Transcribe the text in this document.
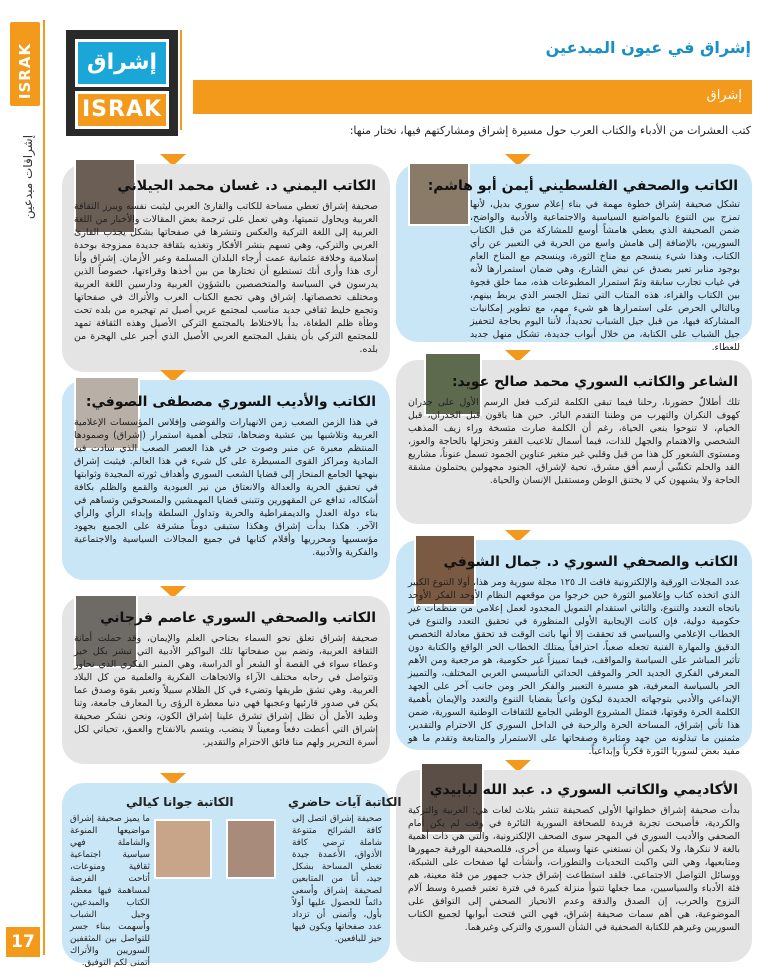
ISRAK
إشراقات مبدعين
17
إشراق
ISRAK
إشراق في عيون المبدعين
إشراق
كتب العشرات من الأدباء والكتاب العرب حول مسيرة إشراق ومشاركتهم فيها، نختار منها:
الكاتب والصحفي الفلسطيني أيمن أبو هاشم:
تشكل صحيفة إشراق خطوة مهمة في بناء إعلام سوري بديل، لأنها تمزج بين التنوع بالمواضيع السياسية والاجتماعية والأدبية والواضح، ضمن الصحيفة الذي يعطي هامشاً أوسع للمشاركة من قبل الكتاب السوريين، بالإضافة إلى هامش واسع من الحرية في التعبير عن رأي الكتاب، وهذا شيء ينسجم مع مناخ الثورة، وينسجم مع المناخ العام بوجود منابر تعبر بصدق عن نبض الشارع، وهي ضمان استمرارها لأنه في غياب تجارب سابقة وتمّ استمرار المطبوعات هذه، مما خلق فجوة بين الكتاب والقراء، هذه المتاب التي تمثل الجسر الذي يربط بينهم، وبالتالي الحرص على استمرارها هو شيء مهم، مع تطوير إمكانيات المشاركة فيها، من قبل جيل الشباب تحديداً، لأننا اليوم بحاجة لتحفيز جيل الشباب على الكتابة، من خلال أبواب جديدة، تشكل منهل جديد للعطاء.
الكاتب اليمني د. غسان محمد الجيلاني
صحيفة إشراق تعطي مساحة للكاتب والقارئ العربي ليثبت نفسه ويبرز الثقافة العربية ويحاول تنميتها، وهي تعمل على ترجمة بعض المقالات والأخبار من اللغة العربية إلى اللغة التركية والعكس وتنشرها في صفحاتها بشكل يجذب القارئ العربي والتركي، وهي تسهم بنشر الأفكار وتغذيه بثقافة جديدة ممزوجة بوحدة إسلامية وخلافة عثمانية عمت أرجاء البلدان المسلمة وعبر الأزمان. إشراق وأنا أرى هذا وأرى أنك تستطيع أن تختارها من بين أخذها وقراءتها، خصوصاً الذين يدرسون في السياسة والمتخصصين بالشؤون العربية ودارسين اللغة العربية ومختلف تخصصاتها. إشراق وهي تجمع الكتاب العرب والأتراك في صفحاتها وتجمع خليط ثقافي جديد مناسب لمجتمع عربي أصيل تم تهجيره من بلده تحت وطأة ظلم الطغاة، بدأ بالاختلاط بالمجتمع التركي الأصيل وهذه الثقافة تمهد للمجتمع التركي بأن يتقبل المجتمع العربي الأصيل الذي أجبر على الهجرة من بلده.
الشاعر والكاتب السوري محمد صالح عويد:
تلك أطلالٌ حضورنا، رحلنا فيما تبقى الكلمة لتركب فعل الرسم الأول على جدران كهوف النكران والتهرب من وطننا التقدم البائر. حين هنا ياقون قبل الجدران، قبل الخيام، لا تنوحوا بنعي الحياة، رغم أن الكلمة صارت متسخة وراء زيف المذهب الشخصي والاهتمام والجهل للذات، فيما أسمال تلاعيب الفقر وتحزلها بالحاجة والعوز، ومستوى الشعور كل هذا من قبل وقلبي غير متغير عناوين الجمود تسمل عنوناً، مشاريع القد والحلم تكشّي أرسم أفق مشرق. تحية لإشراق، الجنود مجهولين يحتملون مشقة الحاجة ولا يشبهون كي لا يختنق الوطن ومستقبل الإنسان والحياة.
الكاتب والأديب السوري مصطفى الصوفي:
في هذا الزمن الصعب زمن الانهيارات والفوضى وإفلاس المؤسسات الإعلامية العربية وتلاشيها بين عشية وضحاها، تتجلى أهمية استمرار (إشراق) وصمودها المنتظم معبرة عن منبر وصوت حر في هذا العصر الصعب الذي سادت فيه المادية ومراكز القوى المسيطرة على كل شيء في هذا العالم. فيثبت إشراق بنهجها الجامع المنحاز إلى قضايا الشعب السوري وأهداف ثورته المجيدة وثوابتها في تحقيق الحرية والعدالة والانعتاق من نير العبودية والقمع والظلم بكافة أشكاله، تدافع عن المقهورين وتتبنى قضايا المهمشين والمسحوقين وتساهم في بناء دولة العدل والديمقراطية والحرية وتداول السلطة وإبداء الرأي والرأي الآخر. هكذا بدأت إشراق وهكذا ستبقى دوماً مشرقة على الجميع بجهود مؤسسيها ومحرريها وأقلام كتابها في جميع المجالات السياسية والاجتماعية والفكرية والأدبية.
الكاتب والصحفي السوري د. جمال الشوفي
عدد المجلات الورقية والإلكترونية فاقت الـ ١٢٥ مجلة سورية ومر هذا، أولا التنوع الكبير الذي اتخذه كتاب وإعلاميو الثورة حين خرجوا من موقعهم النظام الأوحد الفكر الأوحد باتجاه التعدد والتنوع، والثاني استقدام التمويل المجدود لعمل إعلامي من منظمات غير حكومية دولية، فإن كانت الإيجابية الأولى المنظورة في تحقيق التعدد والتنوع في الخطاب الإعلامي والسياسي قد تحققت إلا أنها باتت الوقت قد تحقق معادلة التخصص الدقيق والمهارة الفنية تجعله صعباً، احترافياً يمتلك الخطاب الحر الواقع والكتابة دون تأثير المباشر على السياسة والمواقف، فيما تمييزاً غير حكومية، هو مرجعية ومن الأهم المعرفي الفكري الجديد الحر والموقف الحداثي التأسيسي العربي المختلف، والتمييز الحر بالسياسة المعرفية، هو مسيرة التعبير والفكر الحر ومن جانب آخر على الجهد الإبداعي والأدبي بتوجهاته الجديدة ليكون واعياً بقضايا التنوع والتعدد والإيمان بأهمية الكلمة الحرة وقوتها، فتمثل المشروع الوطني الجامع للثقافات الوطنية السورية، ضمن هذا تأتي إشراق، المساحة الحرة والرحبة في الداخل السوري كل الاحترام والتقدير، مثمنين ما تبذلونه من جهد ومثابرة وصفحاتها على الاستمرار والمتابعة وتقدم ما هو مفيد بعض لسوريا الثورة فكرياً وإبداعياً.
الكاتب والصحفي السوري عاصم فرجاني
صحيفة إشراق تعلق نحو السماء بجناحي العلم والإيمان، وقد حملت أمانة الثقافة العربية، وتضم بين صفحاتها تلك البواكير الأدبية التي تبشر بكل خير وعطاء سواء في القصة أو الشعر أو الدراسة، وهي المنبر الفكري الذي تحاور وتتواصل في رحابه مختلف الآراء والاتجاهات الفكرية والعلمية من كل البلاد العربية. وهي تشق طريقها وتضيء في كل الظلام سبيلاً وتعبر بقوة وصدق عما يكن في صدور قارئيها وعجبها فهي دنيا معطرة الرؤى ريا المعارف جامعة، وتنا وطيد الأمل أن تظل إشراق تشرق علينا إشراق الكون، ونحن نشكر صحيفة إشراق التي أعطت دفعاً ومعيناً لا ينضب، ويتسم بالانفتاح والعمق، تحياتي لكل أسرة التحرير ولهم منا فائق الاحترام والتقدير.
الأكاديمي والكاتب السوري د. عبد الله لبابيدي
بدأت صحيفة إشراق خطواتها الأولى كصحيفة تنشر بثلاث لغات هي: العربية والتركية والكردية، فأصبحت تجربة فريدة للصحافة السورية الثائرة في وقت لم يكن أمام الصحفي والأديب السوري في المهجر سوى الصحف الإلكترونية، والتي هي ذات أهمية بالغة لا ننكرها، ولا يكمن أن نستغني عنها وسيلة من أخرى، فللصحيفة الورقية جمهورها ومتابعيها، وهي التي واكبت التحديات والتطورات، وأنشأت لها صفحات على الشبكة، ووسائل التواصل الاجتماعي. فلقد استطاعت إشراق جذب جمهور من فئة معينة، هم فئة الأدباء والسياسيين، مما جعلها تتبوأ منزلة كبيرة في فترة تعتبر قصيرة وسط آلام النزوح والحرب، إن الصدق والدقة وعدم الانحياز الصحفي إلى التوافق على الموضوعية، هي أهم سمات صحيفة إشراق، فهي التي فتحت أبوابها لجميع الكتاب السوريين وغيرهم للكتابة الصحفية في الشأن السوري والتركي وغيرهما.
الكاتبة آيات حاضري
صحيفة إشراق اتصل إلى كافة الشرائح متنوعة شاملة ترضي كافة الأذواق، الأعمدة جيدة تغطي المساحة بشكل جيد، أنا من المتابعين لصحيفة إشراق وأسعى دائماً للحصول عليها أولاً بأول، وأتمنى أن تزداد عدد صفحاتها ويكون فيها حيز للبافعين.
الكاتبة جوانا كيالي
ما يميز صحيفة إشراق مواضيعها المنوعة والشاملة فهي سياسية اجتماعية ثقافية ومنوعات، أتاحت الفرصة لمساهمة فيها معظم الكتاب والمبدعين، وجيل الشباب وأسهمت ببناء جسر للتواصل بين المثقفين السوريين والأتراك أتمنى لكم التوفيق.
